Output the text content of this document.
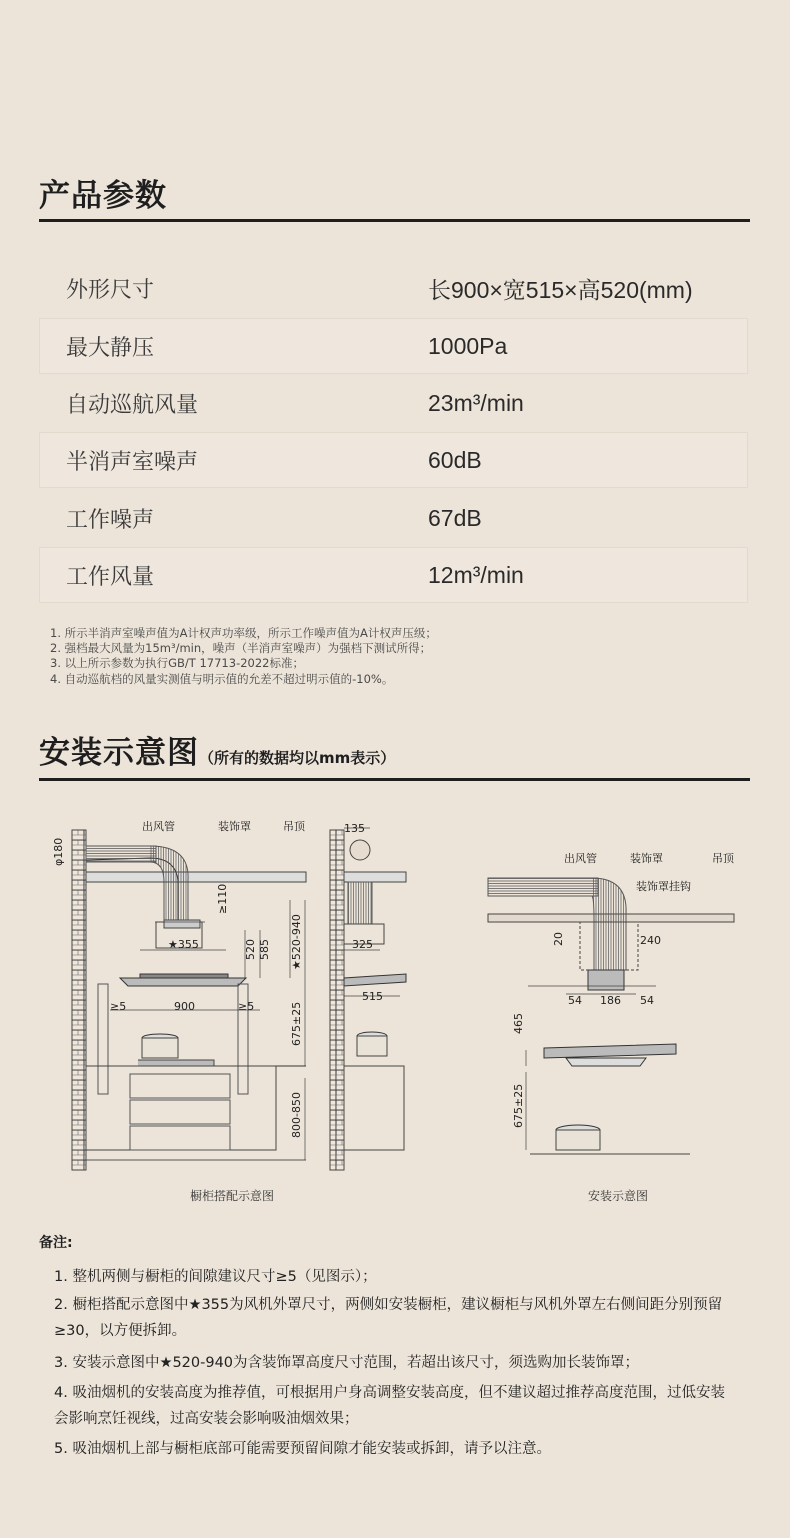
产品参数
外形尺寸	长900×宽515×高520(mm)
最大静压	1000Pa
自动巡航风量	23m³/min
半消声室噪声	60dB
工作噪声	67dB
工作风量	12m³/min
1. 所示半消声室噪声值为A计权声功率级，所示工作噪声值为A计权声压级；
2. 强档最大风量为15m³/min，噪声（半消声室噪声）为强档下测试所得；
3. 以上所示参数为执行GB/T 17713-2022标准；
4. 自动巡航档的风量实测值与明示值的允差不超过明示值的-10%。
安装示意图（所有的数据均以mm表示）
出风管	装饰罩	吊顶	135
φ180
≥110
★355	520 585 ★520-940	325
515
≥5	900	≥5	675±25
800-850
出风管	装饰罩	吊顶
装饰罩挂钩
20	240
54 186 54
465
675±25
橱柜搭配示意图	安装示意图
备注:
1. 整机两侧与橱柜的间隙建议尺寸≥5（见图示）；
2. 橱柜搭配示意图中★355为风机外罩尺寸，两侧如安装橱柜，建议橱柜与风机外罩左右侧间距分别预留≥30，以方便拆卸。
3. 安装示意图中★520-940为含装饰罩高度尺寸范围，若超出该尺寸，须选购加长装饰罩；
4. 吸油烟机的安装高度为推荐值，可根据用户身高调整安装高度，但不建议超过推荐高度范围，过低安装会影响烹饪视线，过高安装会影响吸油烟效果；
5. 吸油烟机上部与橱柜底部可能需要预留间隙才能安装或拆卸，请予以注意。
